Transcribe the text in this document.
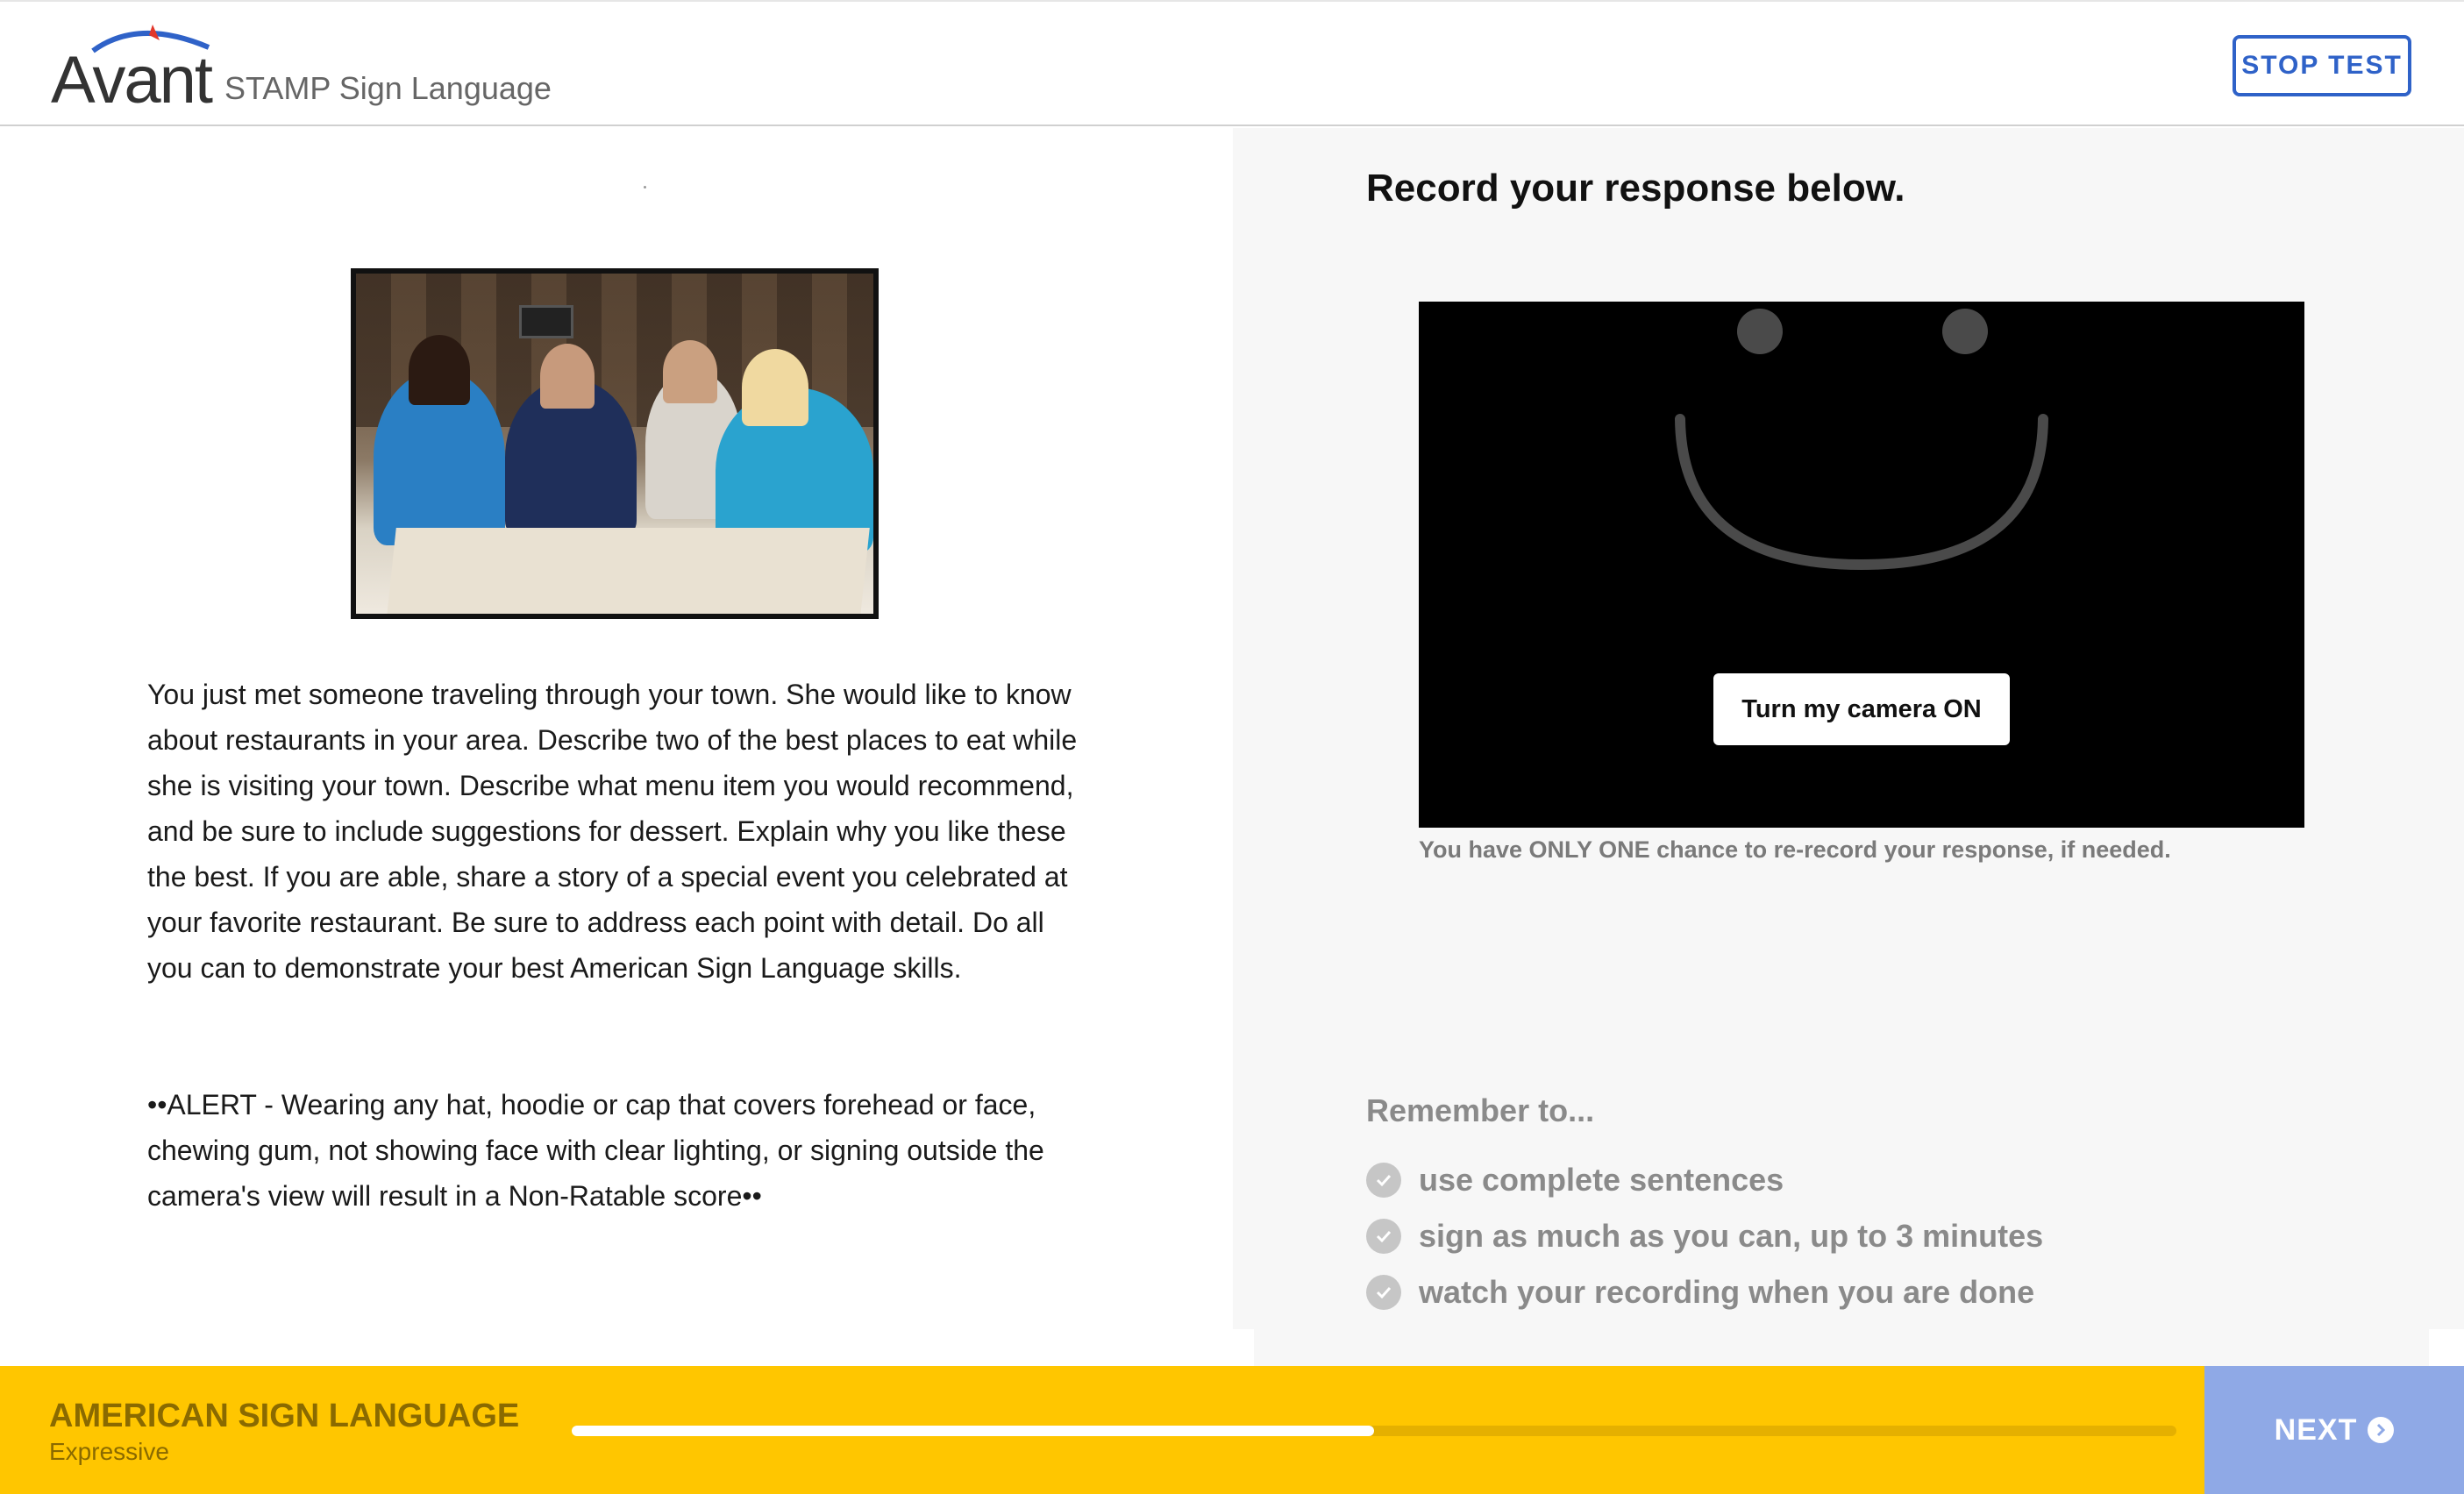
Avant STAMP Sign Language
STOP TEST
You just met someone traveling through your town. She would like to know about restaurants in your area. Describe two of the best places to eat while she is visiting your town. Describe what menu item you would recommend, and be sure to include suggestions for dessert. Explain why you like these the best. If you are able, share a story of a special event you celebrated at your favorite restaurant. Be sure to address each point with detail. Do all you can to demonstrate your best American Sign Language skills.
••ALERT - Wearing any hat, hoodie or cap that covers forehead or face, chewing gum, not showing face with clear lighting, or signing outside the camera's view will result in a Non-Ratable score••
Record your response below.
Turn my camera ON
You have ONLY ONE chance to re-record your response, if needed.
Remember to...
use complete sentences
sign as much as you can, up to 3 minutes
watch your recording when you are done
AMERICAN SIGN LANGUAGE
Expressive
NEXT
